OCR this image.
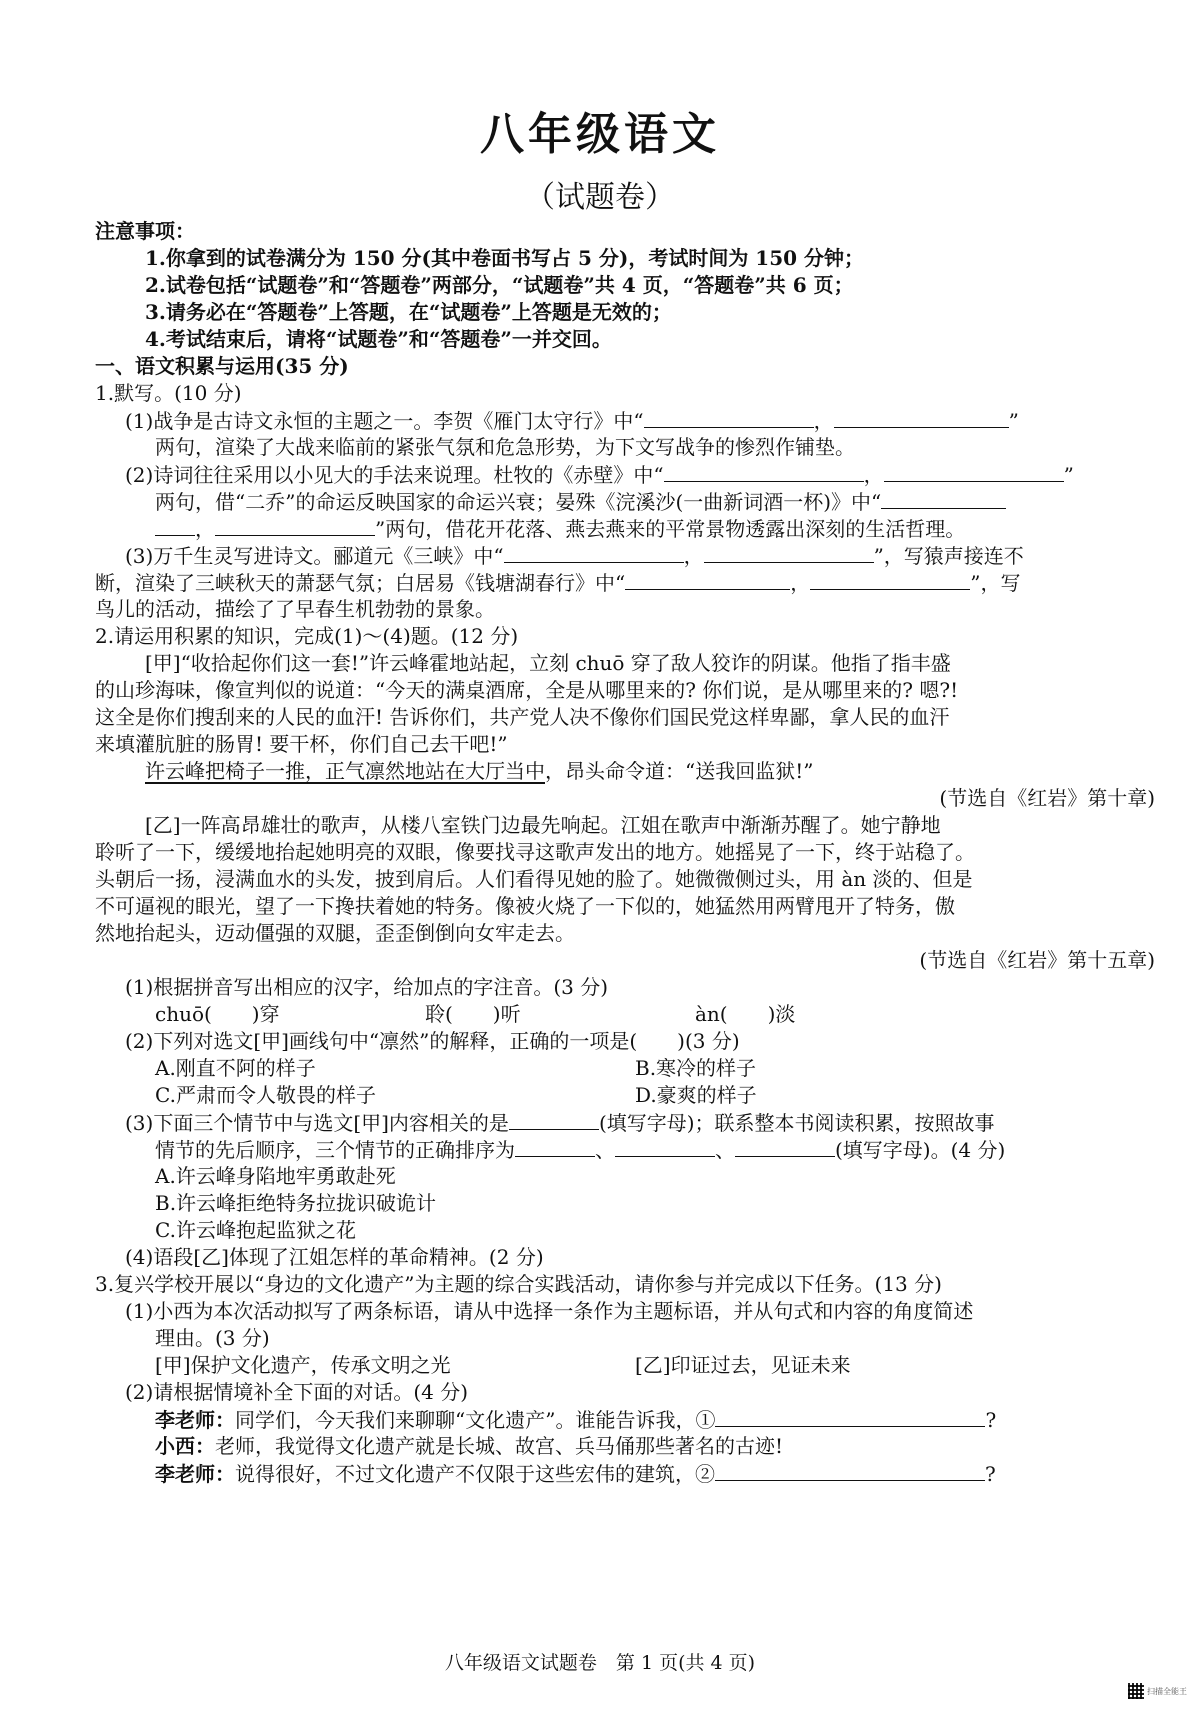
八年级语文
（试题卷）
注意事项：
1.你拿到的试卷满分为 150 分(其中卷面书写占 5 分)，考试时间为 150 分钟；
2.试卷包括“试题卷”和“答题卷”两部分，“试题卷”共 4 页，“答题卷”共 6 页；
3.请务必在“答题卷”上答题，在“试题卷”上答题是无效的；
4.考试结束后，请将“试题卷”和“答题卷”一并交回。
一、语文积累与运用(35 分)
1.默写。(10 分)
(1)战争是古诗文永恒的主题之一。李贺《雁门太守行》中“	，	”
两句，渲染了大战来临前的紧张气氛和危急形势，为下文写战争的惨烈作铺垫。
(2)诗词往往采用以小见大的手法来说理。杜牧的《赤壁》中“	，	”
两句，借“二乔”的命运反映国家的命运兴衰；晏殊《浣溪沙(一曲新词酒一杯)》中“
，	”两句，借花开花落、燕去燕来的平常景物透露出深刻的生活哲理。
(3)万千生灵写进诗文。郦道元《三峡》中“	，	”，写猿声接连不
断，渲染了三峡秋天的萧瑟气氛；白居易《钱塘湖春行》中“	，	”，写
鸟儿的活动，描绘了了早春生机勃勃的景象。
2.请运用积累的知识，完成(1)～(4)题。(12 分)
[甲]“收拾起你们这一套!”许云峰霍地站起，立刻 chuō 穿了敌人狡诈的阴谋。他指了指丰盛
的山珍海味，像宣判似的说道：“今天的满桌酒席，全是从哪里来的? 你们说，是从哪里来的? 嗯?!
这全是你们搜刮来的人民的血汗! 告诉你们，共产党人决不像你们国民党这样卑鄙，拿人民的血汗
来填灌肮脏的肠胃! 要干杯，你们自己去干吧!”
许云峰把椅子一推，正气凛然地站在大厅当中，昂头命令道：“送我回监狱!”
(节选自《红岩》第十章)
[乙]一阵高昂雄壮的歌声，从楼八室铁门边最先响起。江姐在歌声中渐渐苏醒了。她宁静地
聆听了一下，缓缓地抬起她明亮的双眼，像要找寻这歌声发出的地方。她摇晃了一下，终于站稳了。
头朝后一扬，浸满血水的头发，披到肩后。人们看得见她的脸了。她微微侧过头，用 àn 淡的、但是
不可逼视的眼光，望了一下搀扶着她的特务。像被火烧了一下似的，她猛然用两臂甩开了特务，傲
然地抬起头，迈动僵强的双腿，歪歪倒倒向女牢走去。
(节选自《红岩》第十五章)
(1)根据拼音写出相应的汉字，给加点的字注音。(3 分)
chuō(　　)穿	聆(　　)听	àn(　　)淡
(2)下列对选文[甲]画线句中“凛然”的解释，正确的一项是(　　)(3 分)
A.刚直不阿的样子	B.寒冷的样子
C.严肃而令人敬畏的样子	D.豪爽的样子
(3)下面三个情节中与选文[甲]内容相关的是	(填写字母)；联系整本书阅读积累，按照故事
情节的先后顺序，三个情节的正确排序为	、	、	(填写字母)。(4 分)
A.许云峰身陷地牢勇敢赴死
B.许云峰拒绝特务拉拢识破诡计
C.许云峰抱起监狱之花
(4)语段[乙]体现了江姐怎样的革命精神。(2 分)
3.复兴学校开展以“身边的文化遗产”为主题的综合实践活动，请你参与并完成以下任务。(13 分)
(1)小西为本次活动拟写了两条标语，请从中选择一条作为主题标语，并从句式和内容的角度简述
理由。(3 分)
[甲]保护文化遗产，传承文明之光	[乙]印证过去，见证未来
(2)请根据情境补全下面的对话。(4 分)
李老师：同学们，今天我们来聊聊“文化遗产”。谁能告诉我，①	?
小西：老师，我觉得文化遗产就是长城、故宫、兵马俑那些著名的古迹!
李老师：说得很好，不过文化遗产不仅限于这些宏伟的建筑，②	?
八年级语文试题卷　第 1 页(共 4 页)
扫描全能王
